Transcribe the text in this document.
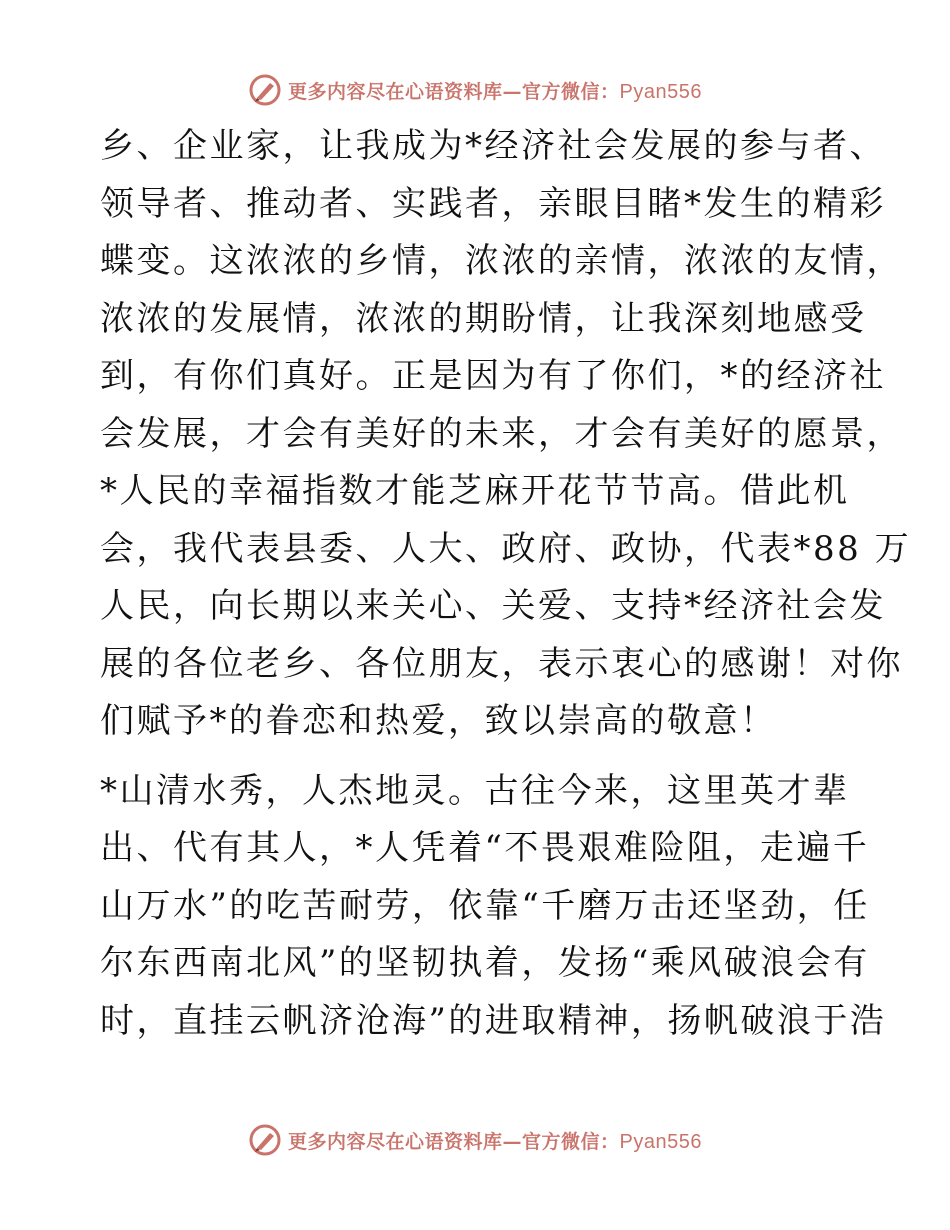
更多内容尽在心语资料库—官方微信：Pyan556
乡、企业家，让我成为*经济社会发展的参与者、
领导者、推动者、实践者，亲眼目睹*发生的精彩
蝶变。这浓浓的乡情，浓浓的亲情，浓浓的友情，
浓浓的发展情，浓浓的期盼情，让我深刻地感受
到，有你们真好。正是因为有了你们，*的经济社
会发展，才会有美好的未来，才会有美好的愿景，
*人民的幸福指数才能芝麻开花节节高。借此机
会，我代表县委、人大、政府、政协，代表*88 万
人民，向长期以来关心、关爱、支持*经济社会发
展的各位老乡、各位朋友，表示衷心的感谢！对你
们赋予*的眷恋和热爱，致以崇高的敬意！
*山清水秀，人杰地灵。古往今来，这里英才辈
出、代有其人，*人凭着“不畏艰难险阻，走遍千
山万水”的吃苦耐劳，依靠“千磨万击还坚劲，任
尔东西南北风”的坚韧执着，发扬“乘风破浪会有
时，直挂云帆济沧海”的进取精神，扬帆破浪于浩
更多内容尽在心语资料库—官方微信：Pyan556
